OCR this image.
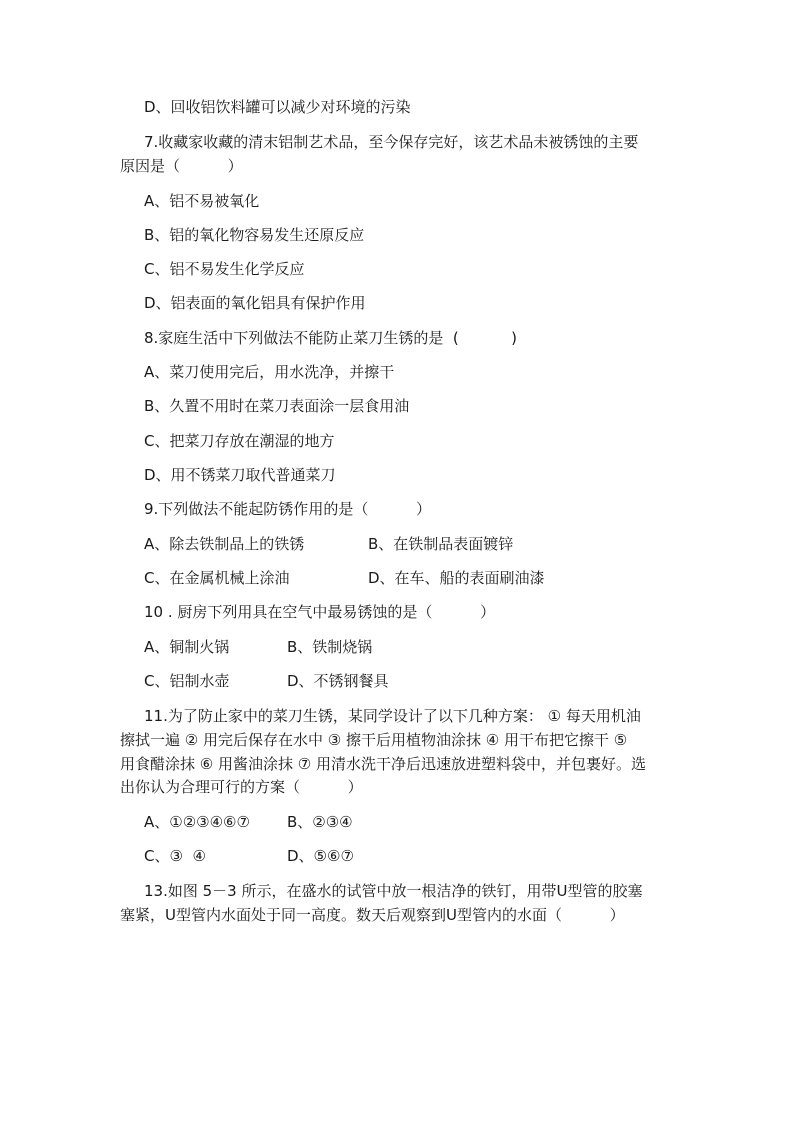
D、回收铝饮料罐可以减少对环境的污染
7.收藏家收藏的清末铝制艺术品，至今保存完好，该艺术品未被锈蚀的主要
原因是（          ）
A、铝不易被氧化
B、铝的氧化物容易发生还原反应
C、铝不易发生化学反应
D、铝表面的氧化铝具有保护作用
8.家庭生活中下列做法不能防止菜刀生锈的是  (           )
A、菜刀使用完后，用水洗净，并擦干
B、久置不用时在菜刀表面涂一层食用油
C、把菜刀存放在潮湿的地方
D、用不锈菜刀取代普通菜刀
9.下列做法不能起防锈作用的是（          ）
A、除去铁制品上的铁锈	B、在铁制品表面镀锌
C、在金属机械上涂油	D、在车、船的表面刷油漆
10 . 厨房下列用具在空气中最易锈蚀的是（          ）
A、铜制火锅	B、铁制烧锅
C、铝制水壶	D、不锈钢餐具
11.为了防止家中的菜刀生锈，某同学设计了以下几种方案： ① 每天用机油
擦拭一遍 ② 用完后保存在水中 ③ 擦干后用植物油涂抹 ④ 用干布把它擦干 ⑤
用食醋涂抹 ⑥ 用酱油涂抹 ⑦ 用清水洗干净后迅速放进塑料袋中，并包裹好。选
出你认为合理可行的方案（          ）
A、①②③④⑥⑦ B、②③④
C、③  ④	D、⑤⑥⑦
13.如图 5－3 所示，在盛水的试管中放一根洁净的铁钉，用带U型管的胶塞
塞紧，U型管内水面处于同一高度。数天后观察到U型管内的水面（          ）
